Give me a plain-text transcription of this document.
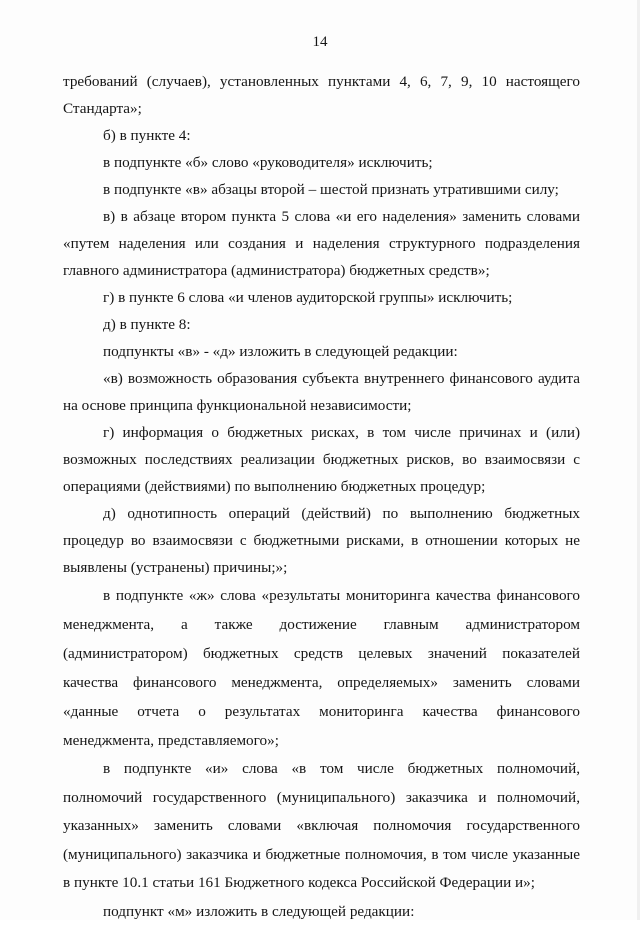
14

требований (случаев), установленных пунктами 4, 6, 7, 9, 10 настоящего Стандарта»;

б) в пункте 4:

в подпункте «б» слово «руководителя» исключить;

в подпункте «в» абзацы второй – шестой признать утратившими силу;

в) в абзаце втором пункта 5 слова «и его наделения» заменить словами «путем наделения или создания и наделения структурного подразделения главного администратора (администратора) бюджетных средств»;

г) в пункте 6 слова «и членов аудиторской группы» исключить;

д) в пункте 8:

подпункты «в» - «д» изложить в следующей редакции:

«в) возможность образования субъекта внутреннего финансового аудита на основе принципа функциональной независимости;

г) информация о бюджетных рисках, в том числе причинах и (или) возможных последствиях реализации бюджетных рисков, во взаимосвязи с операциями (действиями) по выполнению бюджетных процедур;

д) однотипность операций (действий) по выполнению бюджетных процедур во взаимосвязи с бюджетными рисками, в отношении которых не выявлены (устранены) причины;»;

в подпункте «ж» слова «результаты мониторинга качества финансового менеджмента, а также достижение главным администратором (администратором) бюджетных средств целевых значений показателей качества финансового менеджмента, определяемых» заменить словами «данные отчета о результатах мониторинга качества финансового менеджмента, представляемого»;

в подпункте «и» слова «в том числе бюджетных полномочий, полномочий государственного (муниципального) заказчика и полномочий, указанных» заменить словами «включая полномочия государственного (муниципального) заказчика и бюджетные полномочия, в том числе указанные в пункте 10.1 статьи 161 Бюджетного кодекса Российской Федерации и»;

подпункт «м» изложить в следующей редакции:
